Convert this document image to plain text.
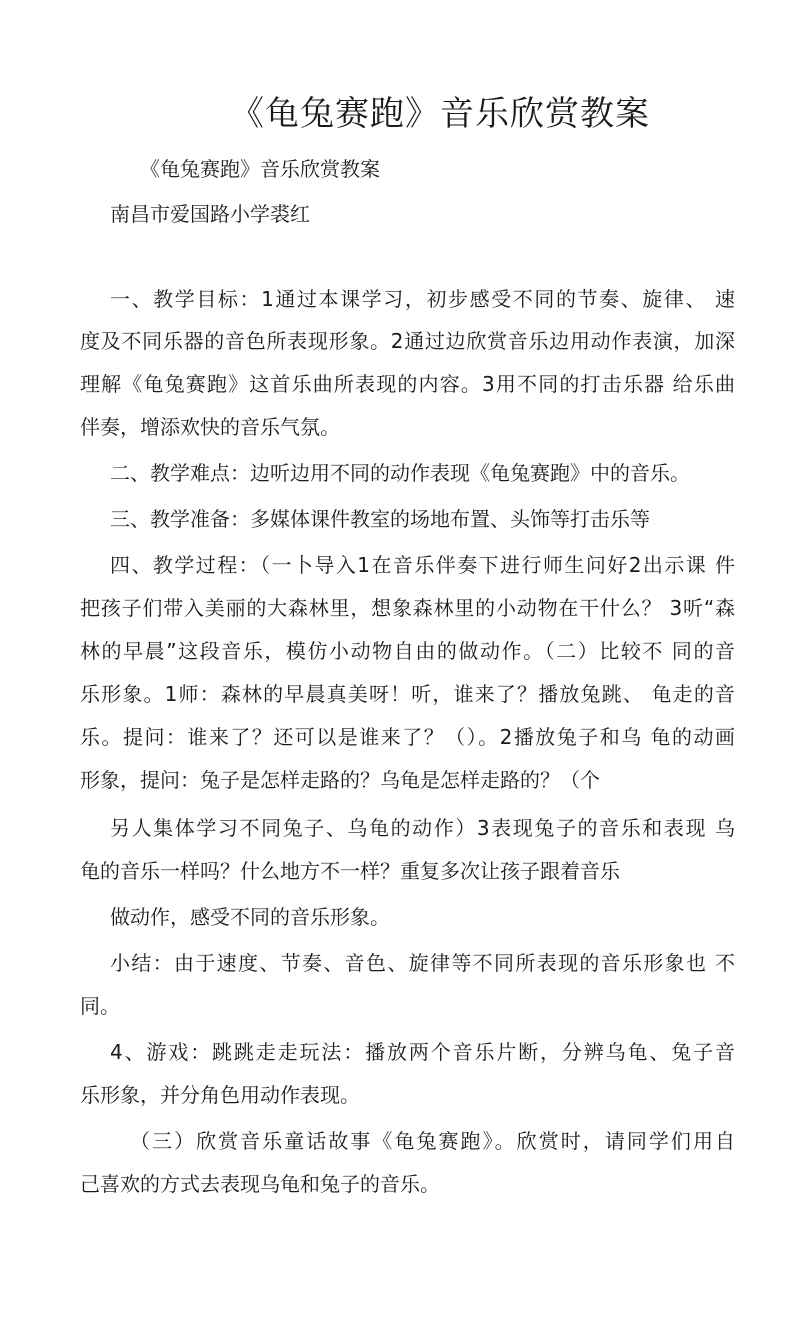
《龟兔赛跑》音乐欣赏教案
《龟兔赛跑》音乐欣赏教案
南昌市爱国路小学裘红
一、教学目标：1通过本课学习，初步感受不同的节奏、旋律、 速
度及不同乐器的音色所表现形象。2通过边欣赏音乐边用动作表演，加深
理解《龟兔赛跑》这首乐曲所表现的内容。3用不同的打击乐器 给乐曲
伴奏，增添欢快的音乐气氛。
二、教学难点：边听边用不同的动作表现《龟兔赛跑》中的音乐。
三、教学准备：多媒体课件教室的场地布置、头饰等打击乐等
四、教学过程：（一卜导入1在音乐伴奏下进行师生问好2出示课 件
把孩子们带入美丽的大森林里，想象森林里的小动物在干什么？ 3听“森
林的早晨”这段音乐，模仿小动物自由的做动作。（二）比较不 同的音
乐形象。1师：森林的早晨真美呀！听，谁来了？播放兔跳、 龟走的音
乐。提问：谁来了？还可以是谁来了？（）。2播放兔子和乌 龟的动画
形象，提问：兔子是怎样走路的？乌龟是怎样走路的？（个
另人集体学习不同兔子、乌龟的动作）3表现兔子的音乐和表现 乌
龟的音乐一样吗？什么地方不一样？重复多次让孩子跟着音乐
做动作，感受不同的音乐形象。
小结：由于速度、节奏、音色、旋律等不同所表现的音乐形象也 不
同。
4、游戏：跳跳走走玩法：播放两个音乐片断，分辨乌龟、兔子音
乐形象，并分角色用动作表现。
（三）欣赏音乐童话故事《龟兔赛跑》。欣赏时，请同学们用自
己喜欢的方式去表现乌龟和兔子的音乐。
